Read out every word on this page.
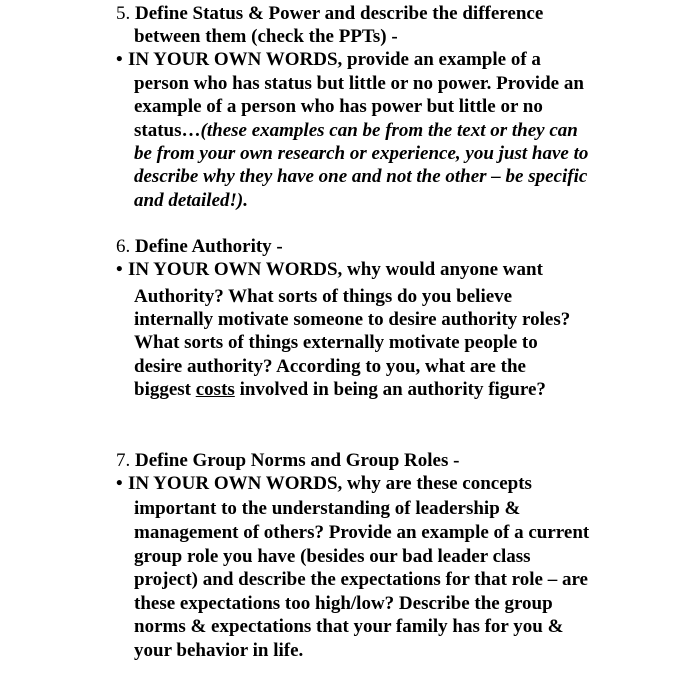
5. Define Status & Power and describe the difference
between them (check the PPTs) -
• IN YOUR OWN WORDS, provide an example of a
person who has status but little or no power. Provide an
example of a person who has power but little or no
status…(these examples can be from the text or they can
be from your own research or experience, you just have to
describe why they have one and not the other – be specific
and detailed!).
6. Define Authority -
• IN YOUR OWN WORDS, why would anyone want
Authority? What sorts of things do you believe
internally motivate someone to desire authority roles?
What sorts of things externally motivate people to
desire authority? According to you, what are the
biggest costs involved in being an authority figure?
7. Define Group Norms and Group Roles -
• IN YOUR OWN WORDS, why are these concepts
important to the understanding of leadership &
management of others? Provide an example of a current
group role you have (besides our bad leader class
project) and describe the expectations for that role – are
these expectations too high/low? Describe the group
norms & expectations that your family has for you &
your behavior in life.
